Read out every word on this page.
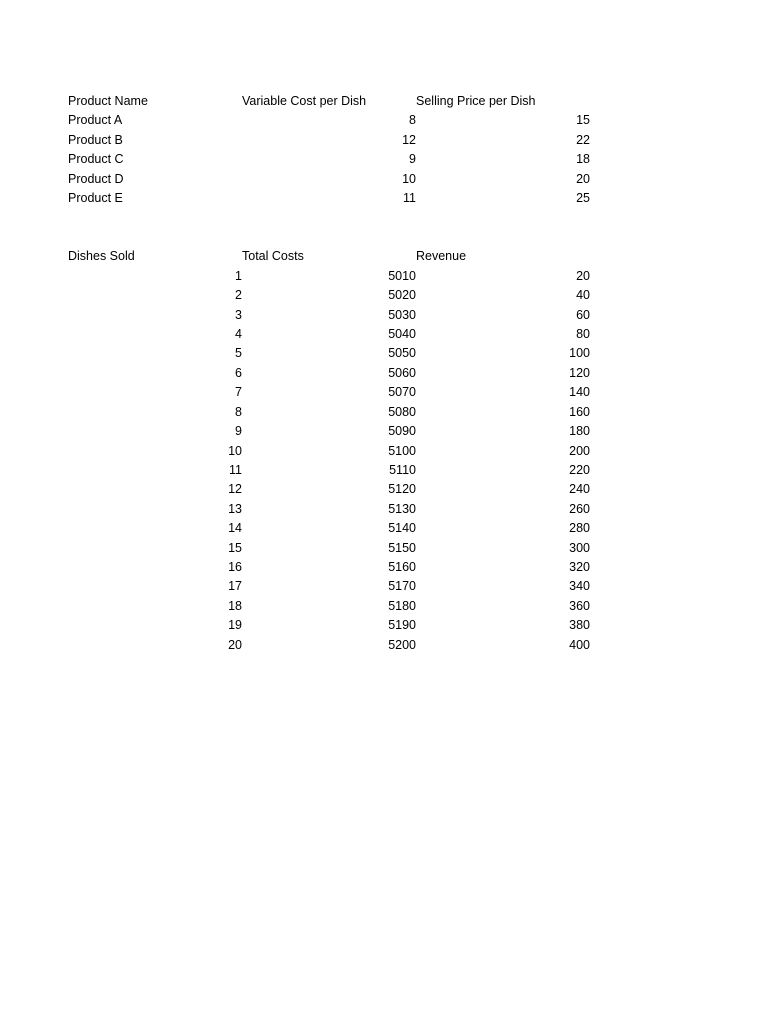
Product Name	Variable Cost per Dish	Selling Price per Dish
Product A	8	15
Product B	12	22
Product C	9	18
Product D	10	20
Product E	11	25
Dishes Sold	Total Costs	Revenue
1	5010	20
2	5020	40
3	5030	60
4	5040	80
5	5050	100
6	5060	120
7	5070	140
8	5080	160
9	5090	180
10	5100	200
11	5110	220
12	5120	240
13	5130	260
14	5140	280
15	5150	300
16	5160	320
17	5170	340
18	5180	360
19	5190	380
20	5200	400
